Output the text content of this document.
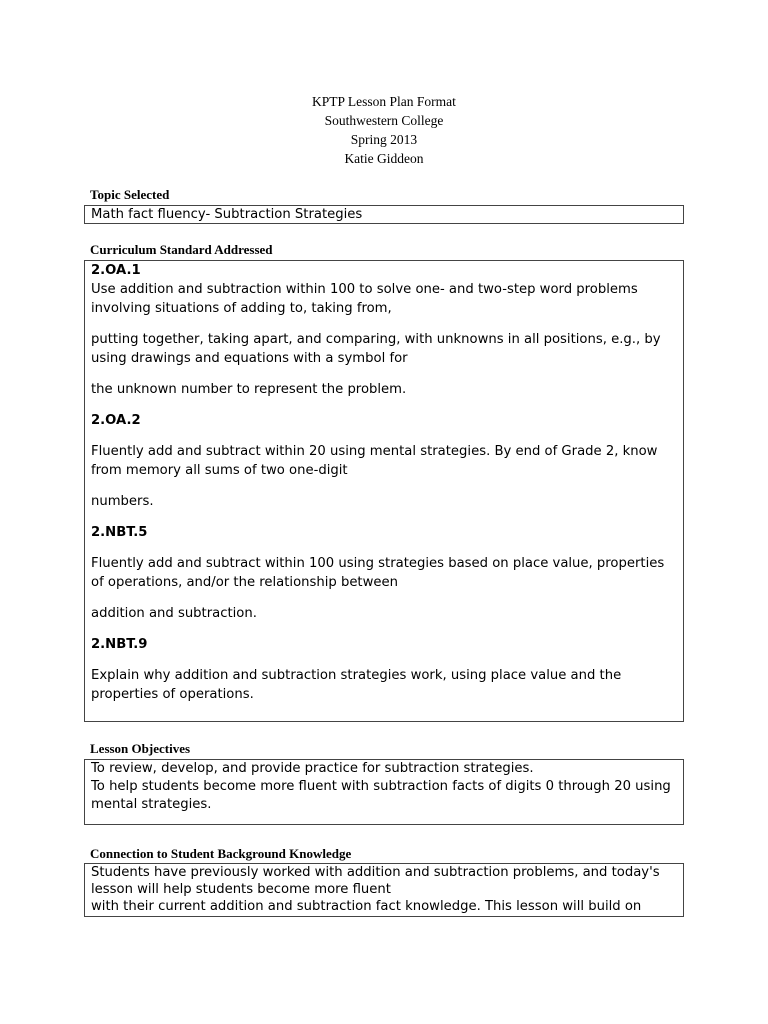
KPTP Lesson Plan Format
Southwestern College
Spring 2013
Katie Giddeon
Topic Selected

Math fact fluency- Subtraction Strategies

Curriculum Standard Addressed

2.OA.1

Use addition and subtraction within 100 to solve one- and two-step word problems involving situations of adding to, taking from,

putting together, taking apart, and comparing, with unknowns in all positions, e.g., by using drawings and equations with a symbol for

the unknown number to represent the problem.

2.OA.2

Fluently add and subtract within 20 using mental strategies. By end of Grade 2, know from memory all sums of two one-digit

numbers.

2.NBT.5

Fluently add and subtract within 100 using strategies based on place value, properties of operations, and/or the relationship between

addition and subtraction.

2.NBT.9

Explain why addition and subtraction strategies work, using place value and the properties of operations.

Lesson Objectives

To review, develop, and provide practice for subtraction strategies.

To help students become more fluent with subtraction facts of digits 0 through 20 using mental strategies.

Connection to Student Background Knowledge

Students have previously worked with addition and subtraction problems, and today's lesson will help students become more fluent

with their current addition and subtraction fact knowledge. This lesson will build on
